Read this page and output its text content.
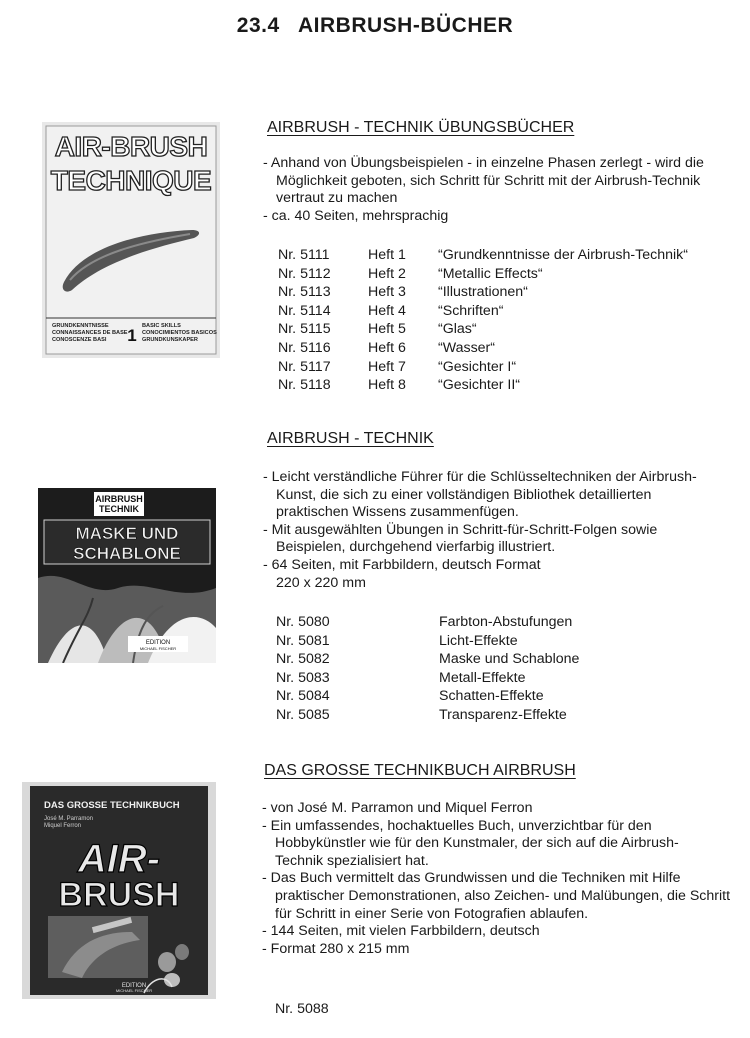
23.4 AIRBRUSH-BÜCHER
AIR-BRUSH
TECHNIQUE
GRUNDKENNTNISSE
CONNAISSANCES DE BASE
CONOSCENZE BASI
BASIC SKILLS
CONOCIMIENTOS BASICOS
GRUNDKUNSKAPER
1
AIRBRUSH - TECHNIK ÜBUNGSBÜCHER

- Anhand von Übungsbeispielen - in einzelne Phasen zerlegt - wird die Möglichkeit geboten, sich Schritt für Schritt mit der Airbrush-Technik vertraut zu machen

- ca. 40 Seiten, mehrsprachig

Nr. 5111	Heft 1	“Grundkenntnisse der Airbrush-Technik“
Nr. 5112	Heft 2	“Metallic Effects“
Nr. 5113	Heft 3	“Illustrationen“
Nr. 5114	Heft 4	“Schriften“
Nr. 5115	Heft 5	“Glas“
Nr. 5116	Heft 6	“Wasser“
Nr. 5117	Heft 7	“Gesichter I“
Nr. 5118	Heft 8	“Gesichter II“
AIRBRUSH
TECHNIK
MASKE UND
SCHABLONE
EDITION
MICHAEL FISCHER
AIRBRUSH - TECHNIK

- Leicht verständliche Führer für die Schlüsseltechniken der Airbrush-Kunst, die sich zu einer vollständigen Bibliothek detaillierten praktischen Wissens zusammenfügen.

- Mit ausgewählten Übungen in Schritt-für-Schritt-Folgen sowie Beispielen, durchgehend vierfarbig illustriert.

- 64 Seiten, mit Farbbildern, deutsch Format 220 x 220 mm

Nr. 5080	Farbton-Abstufungen
Nr. 5081	Licht-Effekte
Nr. 5082	Maske und Schablone
Nr. 5083	Metall-Effekte
Nr. 5084	Schatten-Effekte
Nr. 5085	Transparenz-Effekte
DAS GROSSE TECHNIKBUCH
José M. Parramon
Miquel Ferron
AIR-
BRUSH
EDITION
MICHAEL FISCHER
DAS GROSSE TECHNIKBUCH AIRBRUSH

- von José M. Parramon und Miquel Ferron

- Ein umfassendes, hochaktuelles Buch, unverzichtbar für den Hobbykünstler wie für den Kunstmaler, der sich auf die Airbrush-Technik spezialisiert hat.

- Das Buch vermittelt das Grundwissen und die Techniken mit Hilfe praktischer Demonstrationen, also Zeichen- und Malübungen, die Schritt für Schritt in einer Serie von Fotografien ablaufen.

- 144 Seiten, mit vielen Farbbildern, deutsch

- Format 280 x 215 mm

Nr. 5088
